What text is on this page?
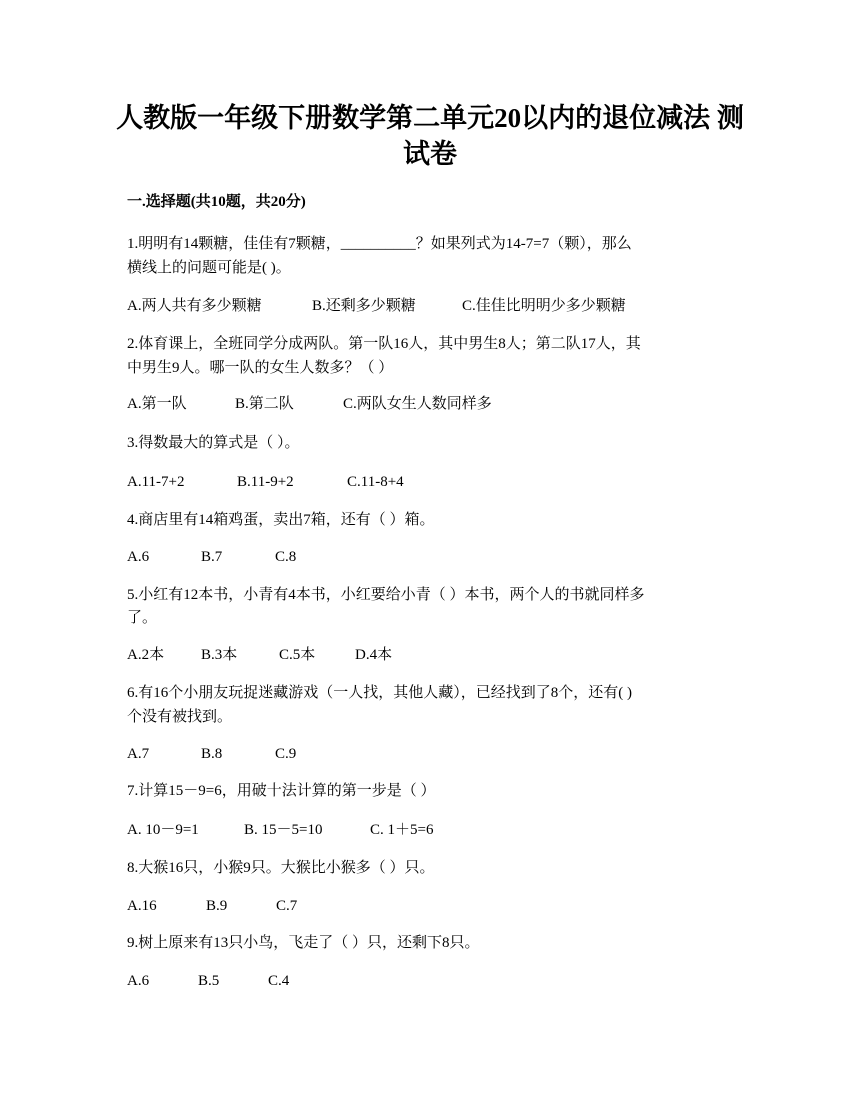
人教版一年级下册数学第二单元20以内的退位减法 测
试卷
一.选择题(共10题，共20分)
1.明明有14颗糖，佳佳有7颗糖，__________？如果列式为14-7=7（颗），那么
横线上的问题可能是( )。
A.两人共有多少颗糖	B.还剩多少颗糖	C.佳佳比明明少多少颗糖
2.体育课上，全班同学分成两队。第一队16人，其中男生8人；第二队17人，其
中男生9人。哪一队的女生人数多？（ ）
A.第一队	B.第二队	C.两队女生人数同样多
3.得数最大的算式是（ ）。
A.11-7+2	B.11-9+2	C.11-8+4
4.商店里有14箱鸡蛋，卖出7箱，还有（ ）箱。
A.6	B.7	C.8
5.小红有12本书，小青有4本书，小红要给小青（ ）本书，两个人的书就同样多
了。
A.2本 B.3本	C.5本	D.4本
6.有16个小朋友玩捉迷藏游戏（一人找，其他人藏），已经找到了8个，还有( )
个没有被找到。
A.7	B.8	C.9
7.计算15－9=6，用破十法计算的第一步是（ ）
A. 10－9=1	B. 15－5=10	C. 1＋5=6
8.大猴16只，小猴9只。大猴比小猴多（ ）只。
A.16	B.9	C.7
9.树上原来有13只小鸟，飞走了（ ）只，还剩下8只。
A.6	B.5	C.4
